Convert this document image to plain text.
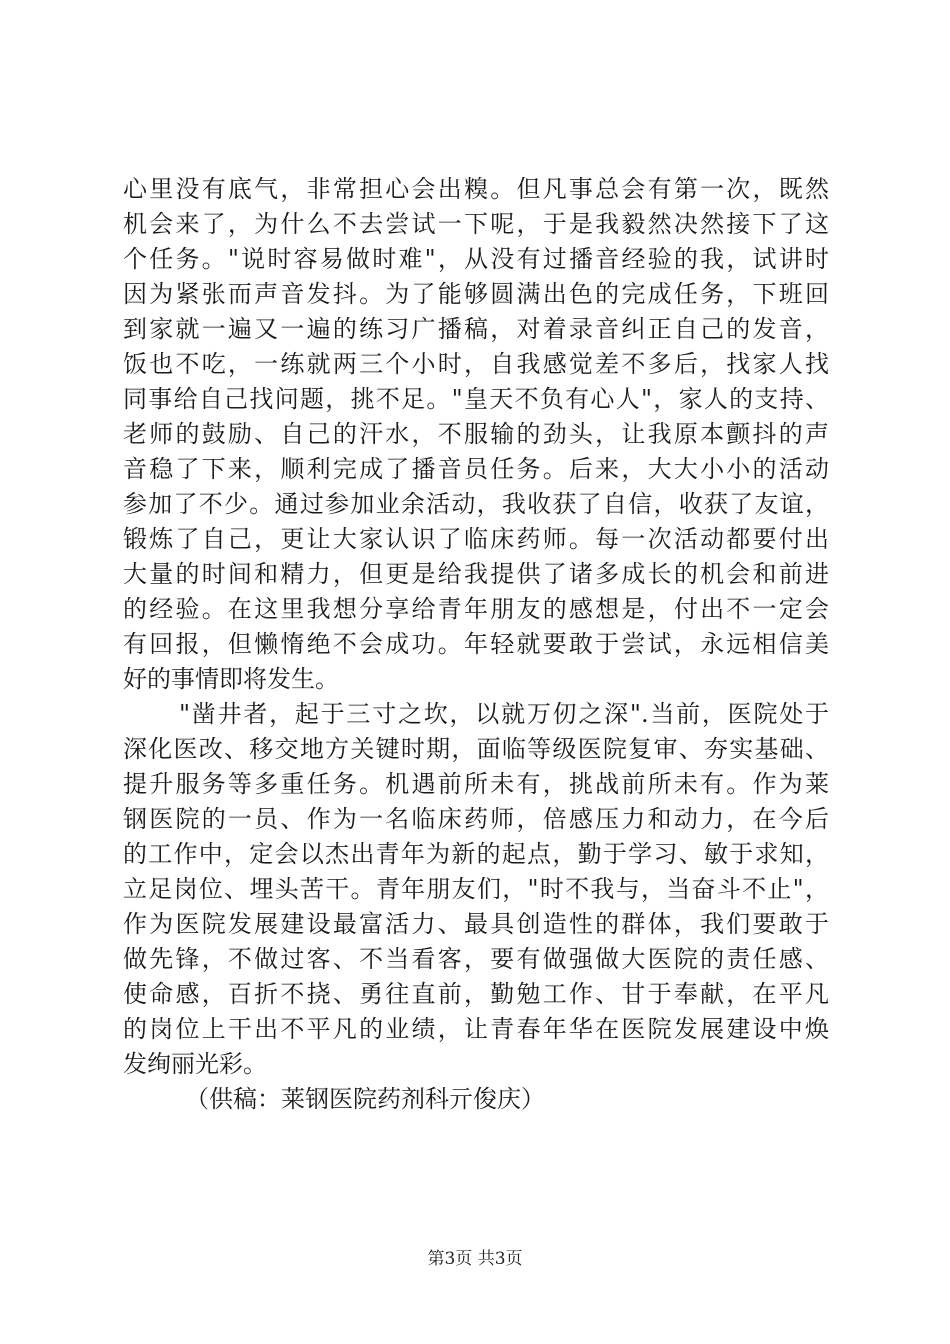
心里没有底气，非常担心会出糗。但凡事总会有第一次，既然
机会来了，为什么不去尝试一下呢，于是我毅然决然接下了这
个任务。"说时容易做时难"，从没有过播音经验的我，试讲时
因为紧张而声音发抖。为了能够圆满出色的完成任务，下班回
到家就一遍又一遍的练习广播稿，对着录音纠正自己的发音，
饭也不吃，一练就两三个小时，自我感觉差不多后，找家人找
同事给自己找问题，挑不足。"皇天不负有心人"，家人的支持、
老师的鼓励、自己的汗水，不服输的劲头，让我原本颤抖的声
音稳了下来，顺利完成了播音员任务。后来，大大小小的活动
参加了不少。通过参加业余活动，我收获了自信，收获了友谊，
锻炼了自己，更让大家认识了临床药师。每一次活动都要付出
大量的时间和精力，但更是给我提供了诸多成长的机会和前进
的经验。在这里我想分享给青年朋友的感想是，付出不一定会
有回报，但懒惰绝不会成功。年轻就要敢于尝试，永远相信美
好的事情即将发生。
"凿井者，起于三寸之坎，以就万仞之深".当前，医院处于
深化医改、移交地方关键时期，面临等级医院复审、夯实基础、
提升服务等多重任务。机遇前所未有，挑战前所未有。作为莱
钢医院的一员、作为一名临床药师，倍感压力和动力，在今后
的工作中，定会以杰出青年为新的起点，勤于学习、敏于求知，
立足岗位、埋头苦干。青年朋友们，"时不我与，当奋斗不止"，
作为医院发展建设最富活力、最具创造性的群体，我们要敢于
做先锋，不做过客、不当看客，要有做强做大医院的责任感、
使命感，百折不挠、勇往直前，勤勉工作、甘于奉献，在平凡
的岗位上干出不平凡的业绩，让青春年华在医院发展建设中焕
发绚丽光彩。
（供稿：莱钢医院药剂科亓俊庆）
第3页 共3页
